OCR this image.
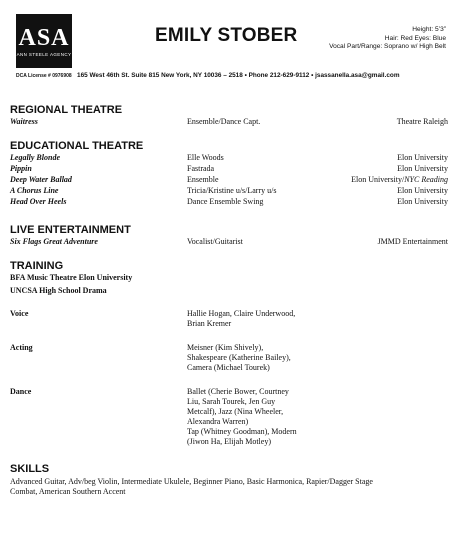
ASA
ANN STEELE AGENCY
EMILY STOBER	Height: 5’3”
Hair: Red Eyes: Blue
Vocal Part/Range: Soprano w/ High Belt
DCA License # 0976908 165 West 46th St. Suite 815 New York, NY 10036 – 2518 • Phone 212-629-9112 • jsassanella.asa@gmail.com
REGIONAL THEATRE
Waitress	Ensemble/Dance Capt.	Theatre Raleigh
EDUCATIONAL THEATRE
Legally Blonde	Elle Woods	Elon University
Pippin	Fastrada	Elon University
Deep Water Ballad	Ensemble	Elon University/NYC Reading
A Chorus Line	Tricia/Kristine u/s/Larry u/s	Elon University
Head Over Heels	Dance Ensemble Swing	Elon University
LIVE ENTERTAINMENT
Six Flags Great Adventure	Vocalist/Guitarist	JMMD Entertainment
TRAINING
BFA Music Theatre Elon University
UNCSA High School Drama
Voice	Hallie Hogan, Claire Underwood,
Brian Kremer
Acting	Meisner (Kim Shively),
Shakespeare (Katherine Bailey),
Camera (Michael Tourek)
Dance	Ballet (Cherie Bower, Courtney
Liu, Sarah Tourek, Jen Guy
Metcalf), Jazz (Nina Wheeler,
Alexandra Warren)
Tap (Whitney Goodman), Modern
(Jiwon Ha, Elijah Motley)
SKILLS
Advanced Guitar, Adv/beg Violin, Intermediate Ukulele, Beginner Piano, Basic Harmonica, Rapier/Dagger Stage
Combat, American Southern Accent
